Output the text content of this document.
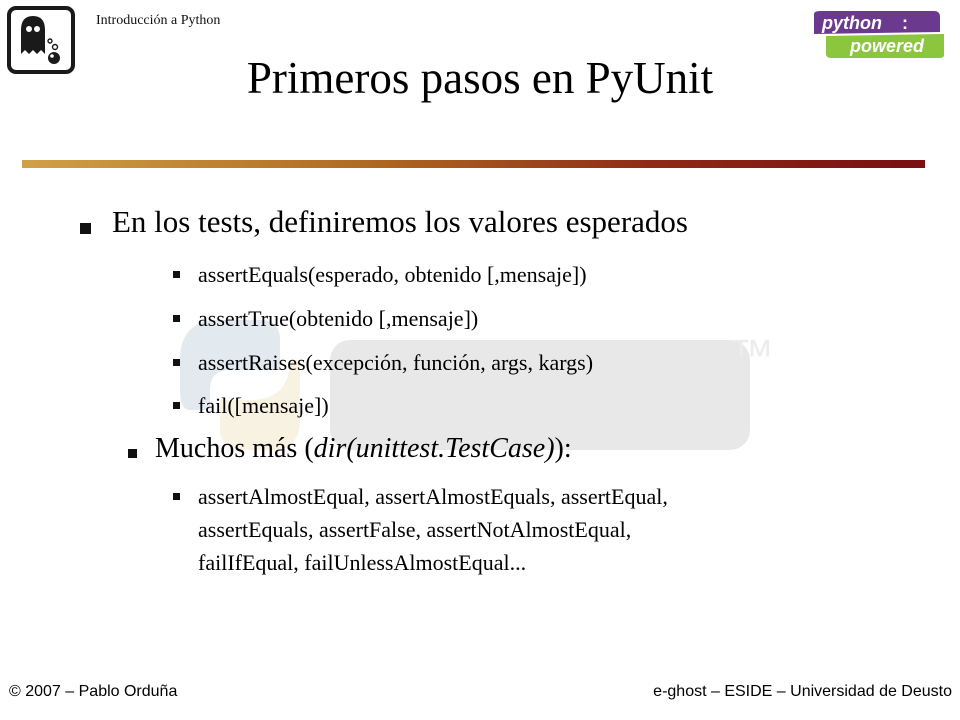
Introducción a Python	python :
powered
Primeros pasos en PyUnit
™
En los tests, definiremos los valores esperados
assertEquals(esperado, obtenido [,mensaje])
assertTrue(obtenido [,mensaje])
assertRaises(excepción, función, args, kargs)
fail([mensaje])
Muchos más (dir(unittest.TestCase)):
assertAlmostEqual, assertAlmostEquals, assertEqual,
assertEquals, assertFalse, assertNotAlmostEqual,
failIfEqual, failUnlessAlmostEqual...
© 2007 – Pablo Orduña	e-ghost – ESIDE – Universidad de Deusto
